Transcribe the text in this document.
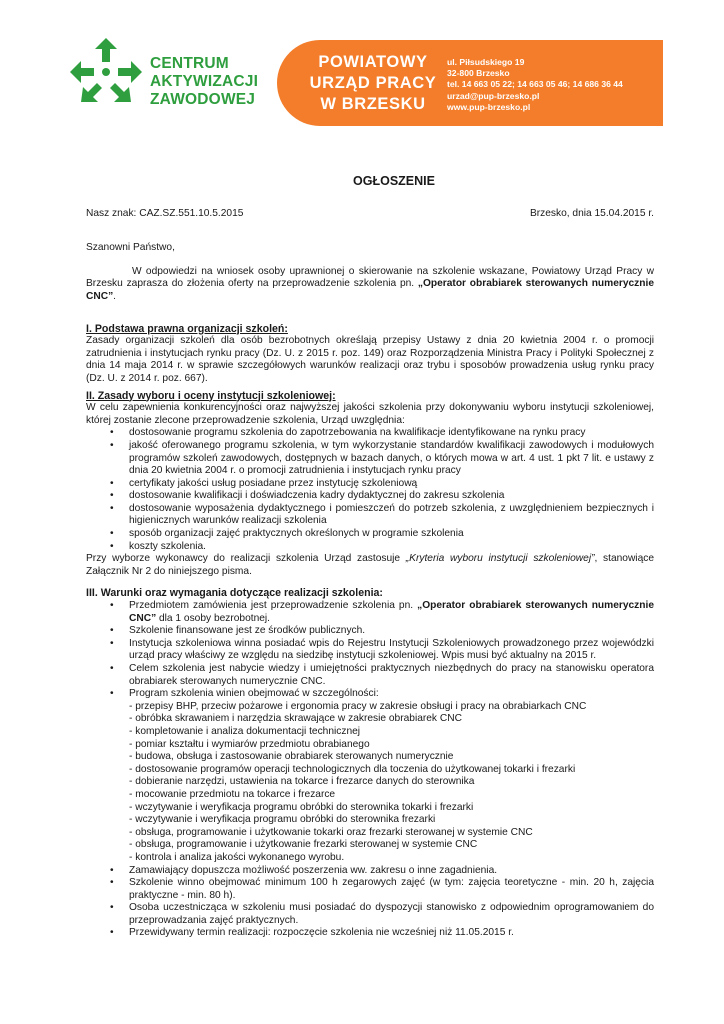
CENTRUM
AKTYWIZACJI
ZAWODOWEJ
POWIATOWY
URZĄD PRACY
W BRZESKU
ul. Piłsudskiego 19
32-800 Brzesko
tel. 14 663 05 22; 14 663 05 46; 14 686 36 44
urzad@pup-brzesko.pl
www.pup-brzesko.pl
OGŁOSZENIE
Nasz znak: CAZ.SZ.551.10.5.2015	Brzesko, dnia 15.04.2015 r.
Szanowni Państwo,
W odpowiedzi na wniosek osoby uprawnionej o skierowanie na szkolenie wskazane, Powiatowy Urząd Pracy w Brzesku zaprasza do złożenia oferty na przeprowadzenie szkolenia pn. „Operator obrabiarek sterowanych numerycznie CNC”.
I. Podstawa prawna organizacji szkoleń:
Zasady organizacji szkoleń dla osób bezrobotnych określają przepisy Ustawy z dnia 20 kwietnia 2004 r. o promocji zatrudnienia i instytucjach rynku pracy (Dz. U. z 2015 r. poz. 149) oraz Rozporządzenia Ministra Pracy i Polityki Społecznej z dnia 14 maja 2014 r. w sprawie szczegółowych warunków realizacji oraz trybu i sposobów prowadzenia usług rynku pracy (Dz. U. z 2014 r. poz. 667).
II. Zasady wyboru i oceny instytucji szkoleniowej:
W celu zapewnienia konkurencyjności oraz najwyższej jakości szkolenia przy dokonywaniu wyboru instytucji szkoleniowej, której zostanie zlecone przeprowadzenie szkolenia, Urząd uwzględnia:
• dostosowanie programu szkolenia do zapotrzebowania na kwalifikacje identyfikowane na rynku pracy
• jakość oferowanego programu szkolenia, w tym wykorzystanie standardów kwalifikacji zawodowych i modułowych programów szkoleń zawodowych, dostępnych w bazach danych, o których mowa w art. 4 ust. 1 pkt 7 lit. e ustawy z dnia 20 kwietnia 2004 r. o promocji zatrudnienia i instytucjach rynku pracy
• certyfikaty jakości usług posiadane przez instytucję szkoleniową
• dostosowanie kwalifikacji i doświadczenia kadry dydaktycznej do zakresu szkolenia
• dostosowanie wyposażenia dydaktycznego i pomieszczeń do potrzeb szkolenia, z uwzględnieniem bezpiecznych i higienicznych warunków realizacji szkolenia
• sposób organizacji zajęć praktycznych określonych w programie szkolenia
• koszty szkolenia.
Przy wyborze wykonawcy do realizacji szkolenia Urząd zastosuje „Kryteria wyboru instytucji szkoleniowej”, stanowiące Załącznik Nr 2 do niniejszego pisma.
III. Warunki oraz wymagania dotyczące realizacji szkolenia:
• Przedmiotem zamówienia jest przeprowadzenie szkolenia pn. „Operator obrabiarek sterowanych numerycznie CNC” dla 1 osoby bezrobotnej.
• Szkolenie finansowane jest ze środków publicznych.
• Instytucja szkoleniowa winna posiadać wpis do Rejestru Instytucji Szkoleniowych prowadzonego przez wojewódzki urząd pracy właściwy ze względu na siedzibę instytucji szkoleniowej. Wpis musi być aktualny na 2015 r.
• Celem szkolenia jest nabycie wiedzy i umiejętności praktycznych niezbędnych do pracy na stanowisku operatora obrabiarek sterowanych numerycznie CNC.
• Program szkolenia winien obejmować w szczególności:
- przepisy BHP, przeciw pożarowe i ergonomia pracy w zakresie obsługi i pracy na obrabiarkach CNC
- obróbka skrawaniem i narzędzia skrawające w zakresie obrabiarek CNC
- kompletowanie i analiza dokumentacji technicznej
- pomiar kształtu i wymiarów przedmiotu obrabianego
- budowa, obsługa i zastosowanie obrabiarek sterowanych numerycznie
- dostosowanie programów operacji technologicznych dla toczenia do użytkowanej tokarki i frezarki
- dobieranie narzędzi, ustawienia na tokarce i frezarce danych do sterownika
- mocowanie przedmiotu na tokarce i frezarce
- wczytywanie i weryfikacja programu obróbki do sterownika tokarki i frezarki
- wczytywanie i weryfikacja programu obróbki do sterownika frezarki
- obsługa, programowanie i użytkowanie tokarki oraz frezarki sterowanej w systemie CNC
- obsługa, programowanie i użytkowanie frezarki sterowanej w systemie CNC
- kontrola i analiza jakości wykonanego wyrobu.
• Zamawiający dopuszcza możliwość poszerzenia ww. zakresu o inne zagadnienia.
• Szkolenie winno obejmować minimum 100 h zegarowych zajęć (w tym: zajęcia teoretyczne - min. 20 h, zajęcia praktyczne - min. 80 h).
• Osoba uczestnicząca w szkoleniu musi posiadać do dyspozycji stanowisko z odpowiednim oprogramowaniem do przeprowadzania zajęć praktycznych.
• Przewidywany termin realizacji: rozpoczęcie szkolenia nie wcześniej niż 11.05.2015 r.
